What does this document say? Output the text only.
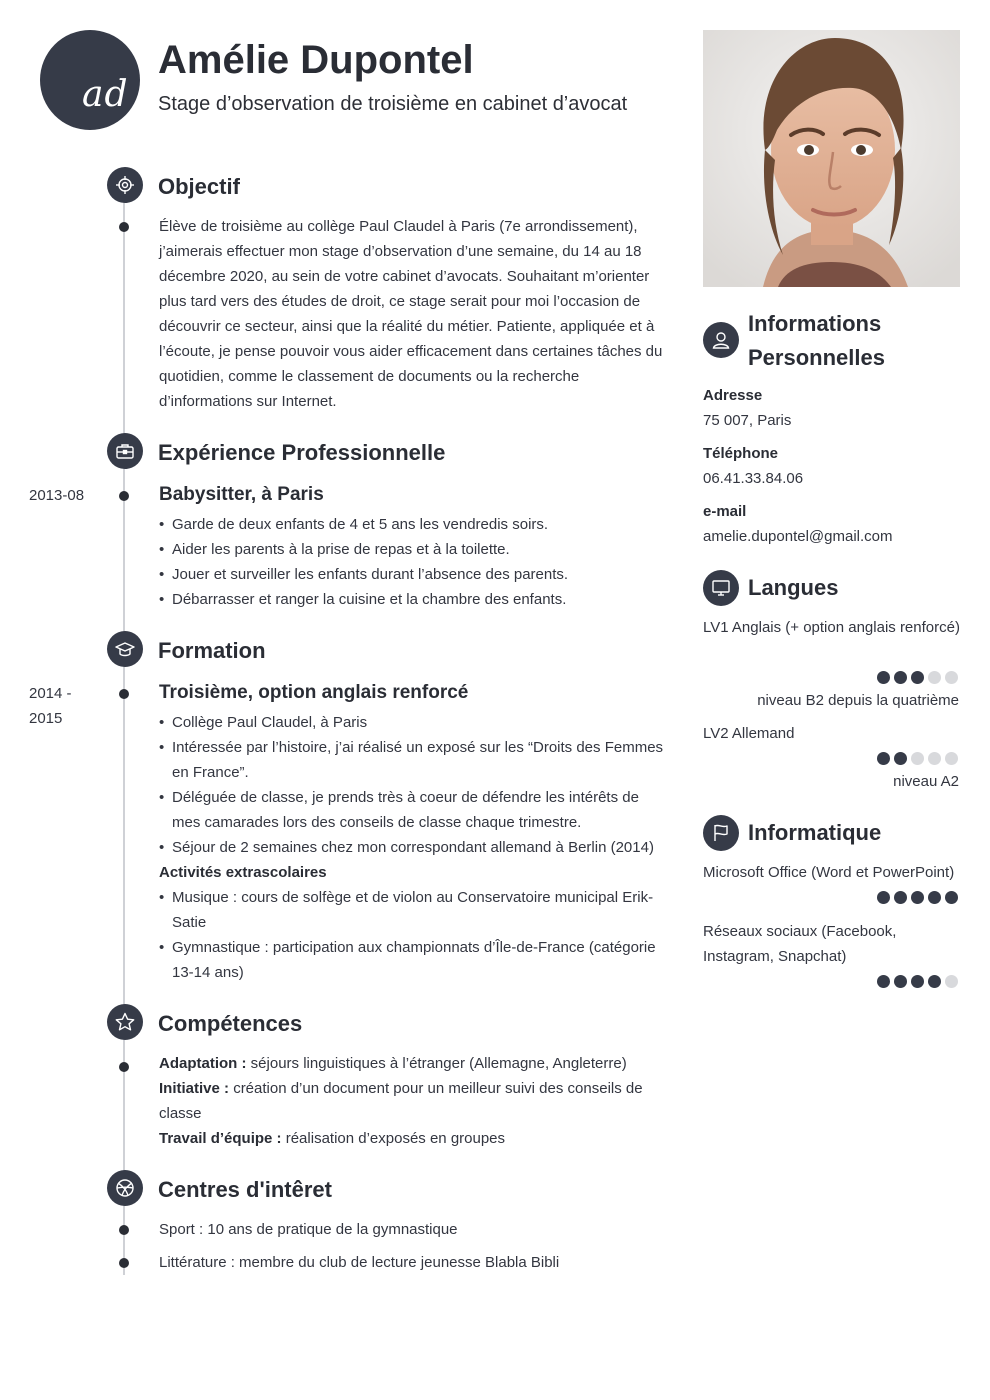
ad
Amélie Dupontel
Stage d’observation de troisième en cabinet d’avocat
Objectif
Élève de troisième au collège Paul Claudel à Paris (7e arrondissement), j’aimerais effectuer mon stage d’observation d’une semaine, du 14 au 18 décembre 2020, au sein de votre cabinet d’avocats. Souhaitant m’orienter plus tard vers des études de droit, ce stage serait pour moi l’occasion de découvrir ce secteur, ainsi que la réalité du métier. Patiente, appliquée et à l’écoute, je pense pouvoir vous aider efficacement dans certaines tâches du quotidien, comme le classement de documents ou la recherche d’informations sur Internet.
Expérience Professionnelle
2013-08	Babysitter, à Paris
• Garde de deux enfants de 4 et 5 ans les vendredis soirs.
• Aider les parents à la prise de repas et à la toilette.
• Jouer et surveiller les enfants durant l’absence des parents.
• Débarrasser et ranger la cuisine et la chambre des enfants.
Formation
2014 - 2015
Troisième, option anglais renforcé
• Collège Paul Claudel, à Paris
• Intéressée par l’histoire, j’ai réalisé un exposé sur les “Droits des Femmes en France”.
• Déléguée de classe, je prends très à coeur de défendre les intérêts de mes camarades lors des conseils de classe chaque trimestre.
• Séjour de 2 semaines chez mon correspondant allemand à Berlin (2014)
Activités extrascolaires
• Musique : cours de solfège et de violon au Conservatoire municipal Erik-Satie
• Gymnastique : participation aux championnats d’Île-de-France (catégorie 13-14 ans)
Compétences
Adaptation : séjours linguistiques à l’étranger (Allemagne, Angleterre)
Initiative : création d’un document pour un meilleur suivi des conseils de classe
Travail d’équipe : réalisation d’exposés en groupes
Centres d'intêret
Sport : 10 ans de pratique de la gymnastique
Littérature : membre du club de lecture jeunesse Blabla Bibli
Informations Personnelles
Adresse
75 007, Paris
Téléphone
06.41.33.84.06
e-mail
amelie.dupontel@gmail.com
Langues
LV1 Anglais (+ option anglais renforcé)
niveau B2 depuis la quatrième
LV2 Allemand
niveau A2
Informatique
Microsoft Office (Word et PowerPoint)
Réseaux sociaux (Facebook, Instagram, Snapchat)
